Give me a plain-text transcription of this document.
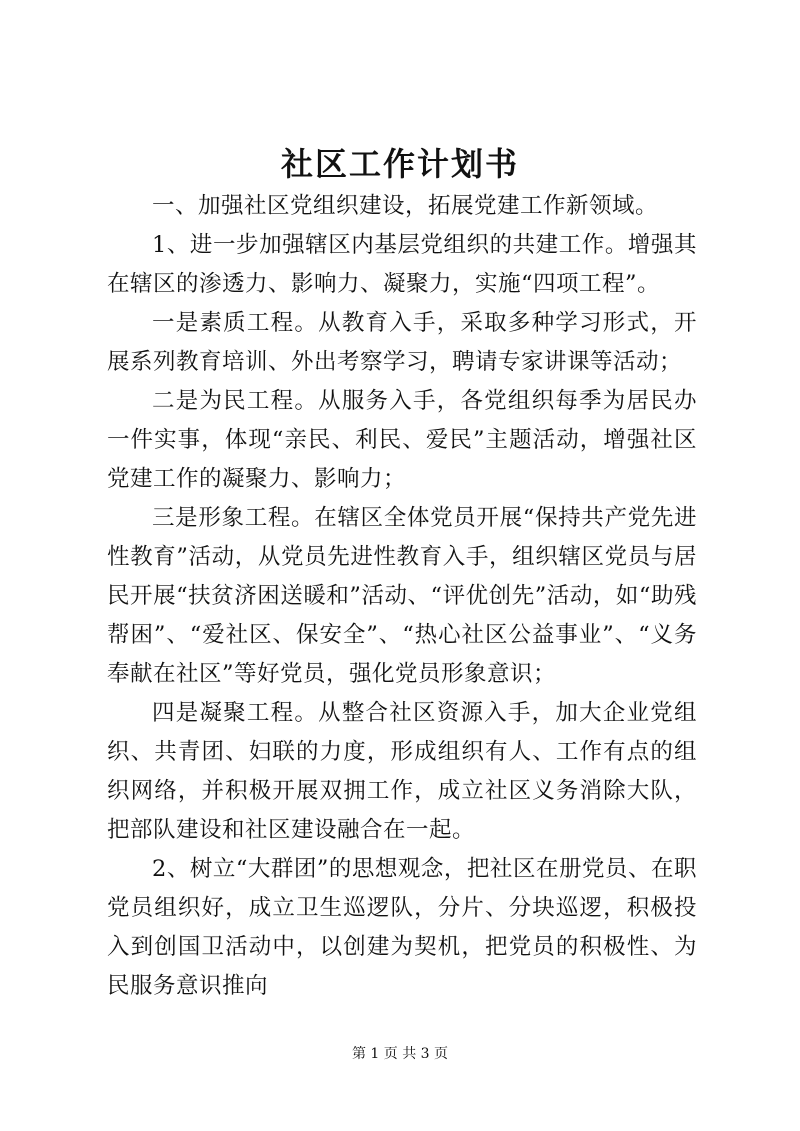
社区工作计划书

一、加强社区党组织建设，拓展党建工作新领域。

1、进一步加强辖区内基层党组织的共建工作。增强其在辖区的渗透力、影响力、凝聚力，实施“四项工程”。

一是素质工程。从教育入手，采取多种学习形式，开展系列教育培训、外出考察学习，聘请专家讲课等活动；

二是为民工程。从服务入手，各党组织每季为居民办一件实事，体现“亲民、利民、爱民”主题活动，增强社区党建工作的凝聚力、影响力；

三是形象工程。在辖区全体党员开展“保持共产党先进性教育”活动，从党员先进性教育入手，组织辖区党员与居民开展“扶贫济困送暖和”活动、“评优创先”活动，如“助残帮困”、“爱社区、保安全”、“热心社区公益事业”、“义务奉献在社区”等好党员，强化党员形象意识；

四是凝聚工程。从整合社区资源入手，加大企业党组织、共青团、妇联的力度，形成组织有人、工作有点的组织网络，并积极开展双拥工作，成立社区义务消除大队，把部队建设和社区建设融合在一起。

2、树立“大群团”的思想观念，把社区在册党员、在职党员组织好，成立卫生巡逻队，分片、分块巡逻，积极投入到创国卫活动中，以创建为契机，把党员的积极性、为民服务意识推向

第 1 页 共 3 页
